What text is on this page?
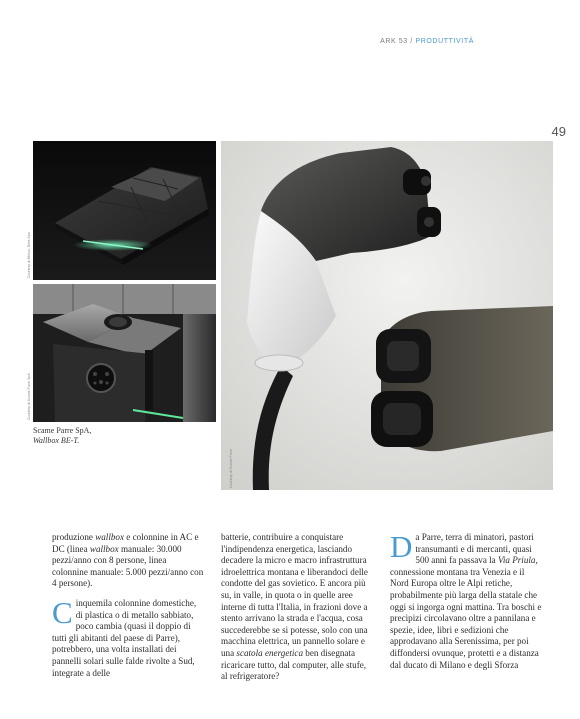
ARK 53 / PRODUTTIVITÀ
49
Courtesy di Bticino, Beet-Spa
Courtesy di Scame Parre SpA
Scame Parre SpA,
Wallbox BE-T.
Courtesy di Scame Parre

produzione wallbox e colonnine in AC e DC (linea wallbox manuale: 30.000 pezzi/anno con 8 persone, linea colonnine manuale: 5.000 pezzi/anno con 4 persone).

Cinquemila colonnine domestiche, di plastica o di metallo sabbiato, poco cambia (quasi il doppio di tutti gli abitanti del paese di Parre), potrebbero, una volta installati dei pannelli solari sulle falde rivolte a Sud, integrate a delle

batterie, contribuire a conquistare l'indipendenza energetica, lasciando decadere la micro e macro infrastruttura idroelettrica montana e liberandoci delle condotte del gas sovietico. E ancora più su, in valle, in quota o in quelle aree interne di tutta l'Italia, in frazioni dove a stento arrivano la strada e l'acqua, cosa succederebbe se si potesse, solo con una macchina elettrica, un pannello solare e una scatola energetica ben disegnata ricaricare tutto, dal computer, alle stufe, al refrigeratore?

Da Parre, terra di minatori, pastori transumanti e di mercanti, quasi 500 anni fa passava la Via Priula, connessione montana tra Venezia e il Nord Europa oltre le Alpi retiche, probabilmente più larga della statale che oggi si ingorga ogni mattina. Tra boschi e precipizi circolavano oltre a pannilana e spezie, idee, libri e sedizioni che approdavano alla Serenissima, per poi diffondersi ovunque, protetti e a distanza dal ducato di Milano e degli Sforza
